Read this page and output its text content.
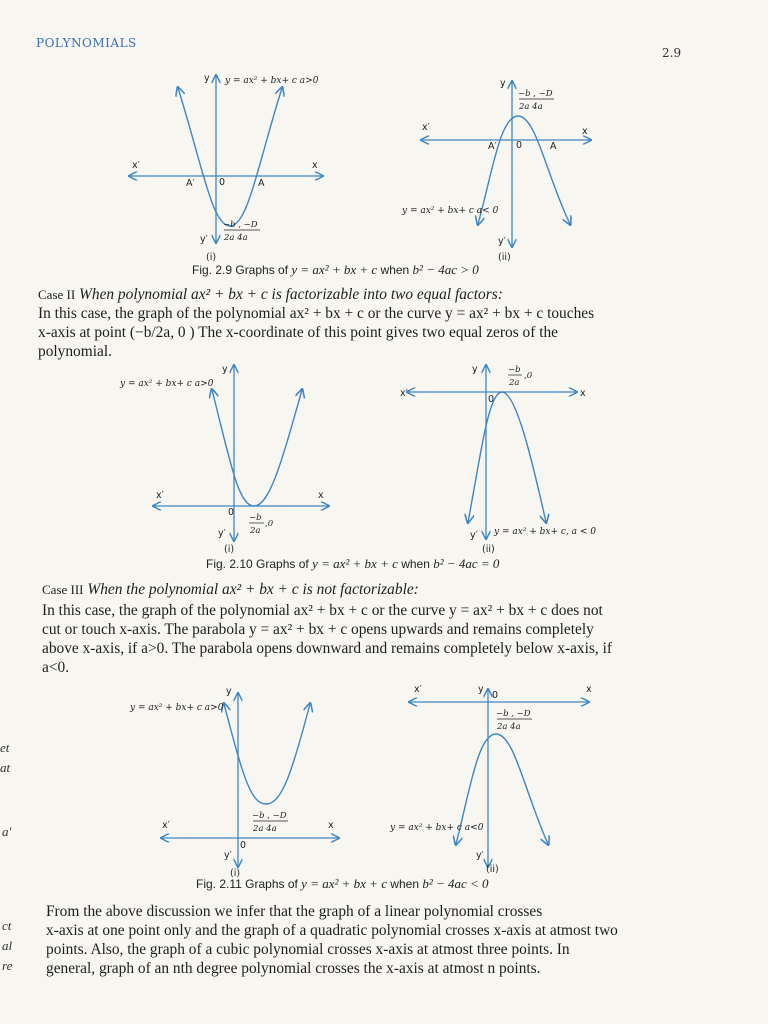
POLYNOMIALS
2.9
et
at
a'
ct
al
re
y = ax² + bx+ c a>0
x′	x
y
y′
0
A′	A
−b , −D
2a 4a
(i)
x′	x
y
y′
0
A′	A
−b , −D
2a 4a
y = ax² + bx+ c a< 0
(ii)
Fig. 2.9 Graphs of y = ax² + bx + c when b² − 4ac > 0
Case II When polynomial ax² + bx + c is factorizable into two equal factors:
In this case, the graph of the polynomial ax² + bx + c or the curve y = ax² + bx + c touches
x-axis at point (−b/2a, 0 ) The x-coordinate of this point gives two equal zeros of the
polynomial.
y = ax² + bx+ c a>0
x′	x
y
y′
0 −b
2a
,0
(i)
x′	x
y
y′
0
−b
2a
,0
y = ax² + bx+ c, a < 0
(ii)
Fig. 2.10 Graphs of y = ax² + bx + c when b² − 4ac = 0
Case III When the polynomial ax² + bx + c is not factorizable:
In this case, the graph of the polynomial ax² + bx + c or the curve y = ax² + bx + c does not
cut or touch x-axis. The parabola y = ax² + bx + c opens upwards and remains completely
above x-axis, if a>0. The parabola opens downward and remains completely below x-axis, if
a<0.
y = ax² + bx+ c a>0
x′	x
y
y′
0
−b , −D
2a 4a
(i)
x′	x
y
y′
0
−b , −D
2a 4a
y = ax² + bx+ c a<0
(ii)
Fig. 2.11 Graphs of y = ax² + bx + c when b² − 4ac < 0
From the above discussion we infer that the graph of a linear polynomial crosses
x-axis at one point only and the graph of a quadratic polynomial crosses x-axis at atmost two
points. Also, the graph of a cubic polynomial crosses x-axis at atmost three points. In
general, graph of an nth degree polynomial crosses the x-axis at atmost n points.
